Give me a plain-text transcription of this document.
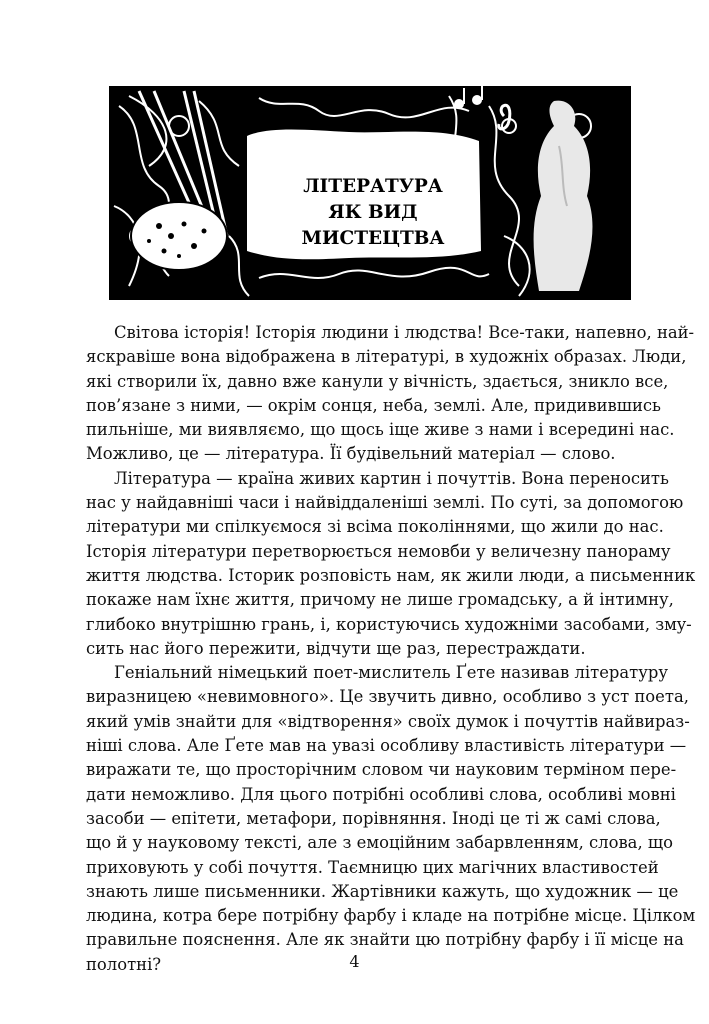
ЛІТЕРАТУРА
ЯК ВИД МИСТЕЦТВА
Світова історія! Історія людини і людства! Все-таки, напевно, най-
яскравіше вона відображена в літературі, в художніх образах. Люди,
які створили їх, давно вже канули у вічність, здається, зникло все,
пов’язане з ними, — окрім сонця, неба, землі. Але, придивившись
пильніше, ми виявляємо, що щось іще живе з нами і всередині нас.
Можливо, це — література. Її будівельний матеріал — слово.
Література — країна живих картин і почуттів. Вона переносить
нас у найдавніші часи і найвіддаленіші землі. По суті, за допомогою
літератури ми спілкуємося зі всіма поколіннями, що жили до нас.
Історія літератури перетворюється немовби у величезну панораму
життя людства. Історик розповість нам, як жили люди, а письменник
покаже нам їхнє життя, причому не лише громадську, а й інтимну,
глибоко внутрішню грань, і, користуючись художніми засобами, змy-
сить нас його пережити, відчути ще раз, перестраждати.
Геніальний німецький поет-мислитель Ґете називав літературу
виразницею «невимовного». Це звучить дивно, особливо з уст поета,
який умів знайти для «відтворення» своїх думок і почуттів найвираз-
ніші слова. Але Ґете мав на увазі особливу властивість літератури —
виражати те, що просторічним словом чи науковим терміном пере-
дати неможливо. Для цього потрібні особливі слова, особливі мовні
засоби — епітети, метафори, порівняння. Іноді це ті ж самі слова,
що й у науковому тексті, але з емоційним забарвленням, слова, що
приховують у собі почуття. Таємницю цих магічних властивостей
знають лише письменники. Жартівники кажуть, що художник — це
людина, котра бере потрібну фарбу і кладе на потрібне місце. Цілком
правильне пояснення. Але як знайти цю потрібну фарбу і її місце на
полотні?	4
